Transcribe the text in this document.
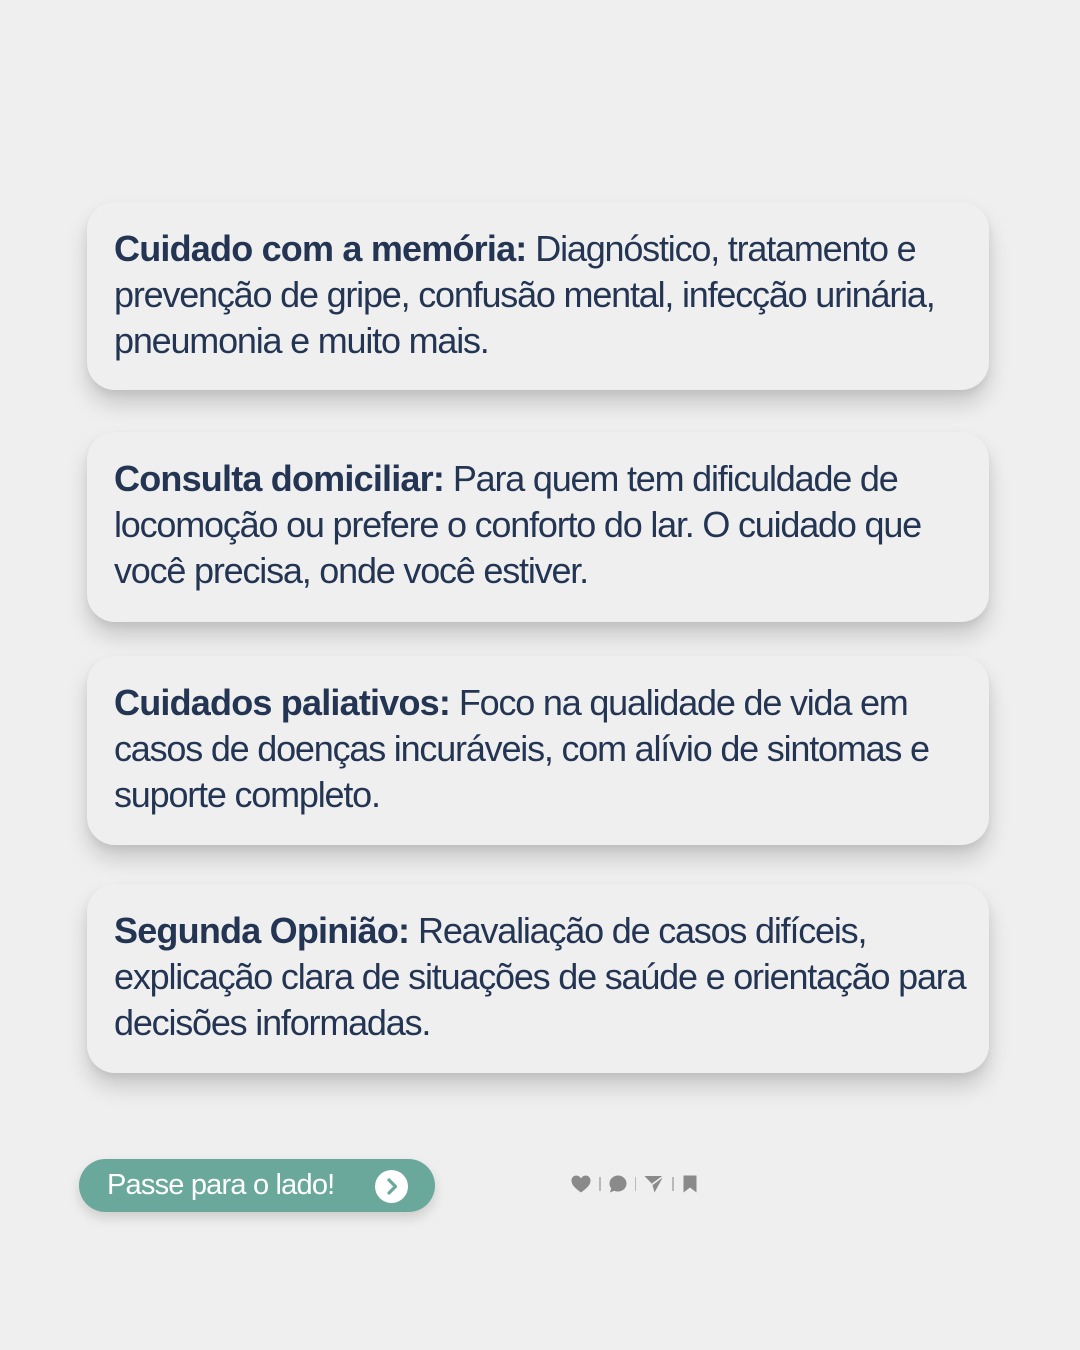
Cuidado com a memória: Diagnóstico, tratamento e prevenção de gripe, confusão mental, infecção urinária, pneumonia e muito mais.
Consulta domiciliar: Para quem tem dificuldade de locomoção ou prefere o conforto do lar. O cuidado que você precisa, onde você estiver.
Cuidados paliativos: Foco na qualidade de vida em casos de doenças incuráveis, com alívio de sintomas e suporte completo.
Segunda Opinião: Reavaliação de casos difíceis, explicação clara de situações de saúde e orientação para decisões informadas.
Passe para o lado!
